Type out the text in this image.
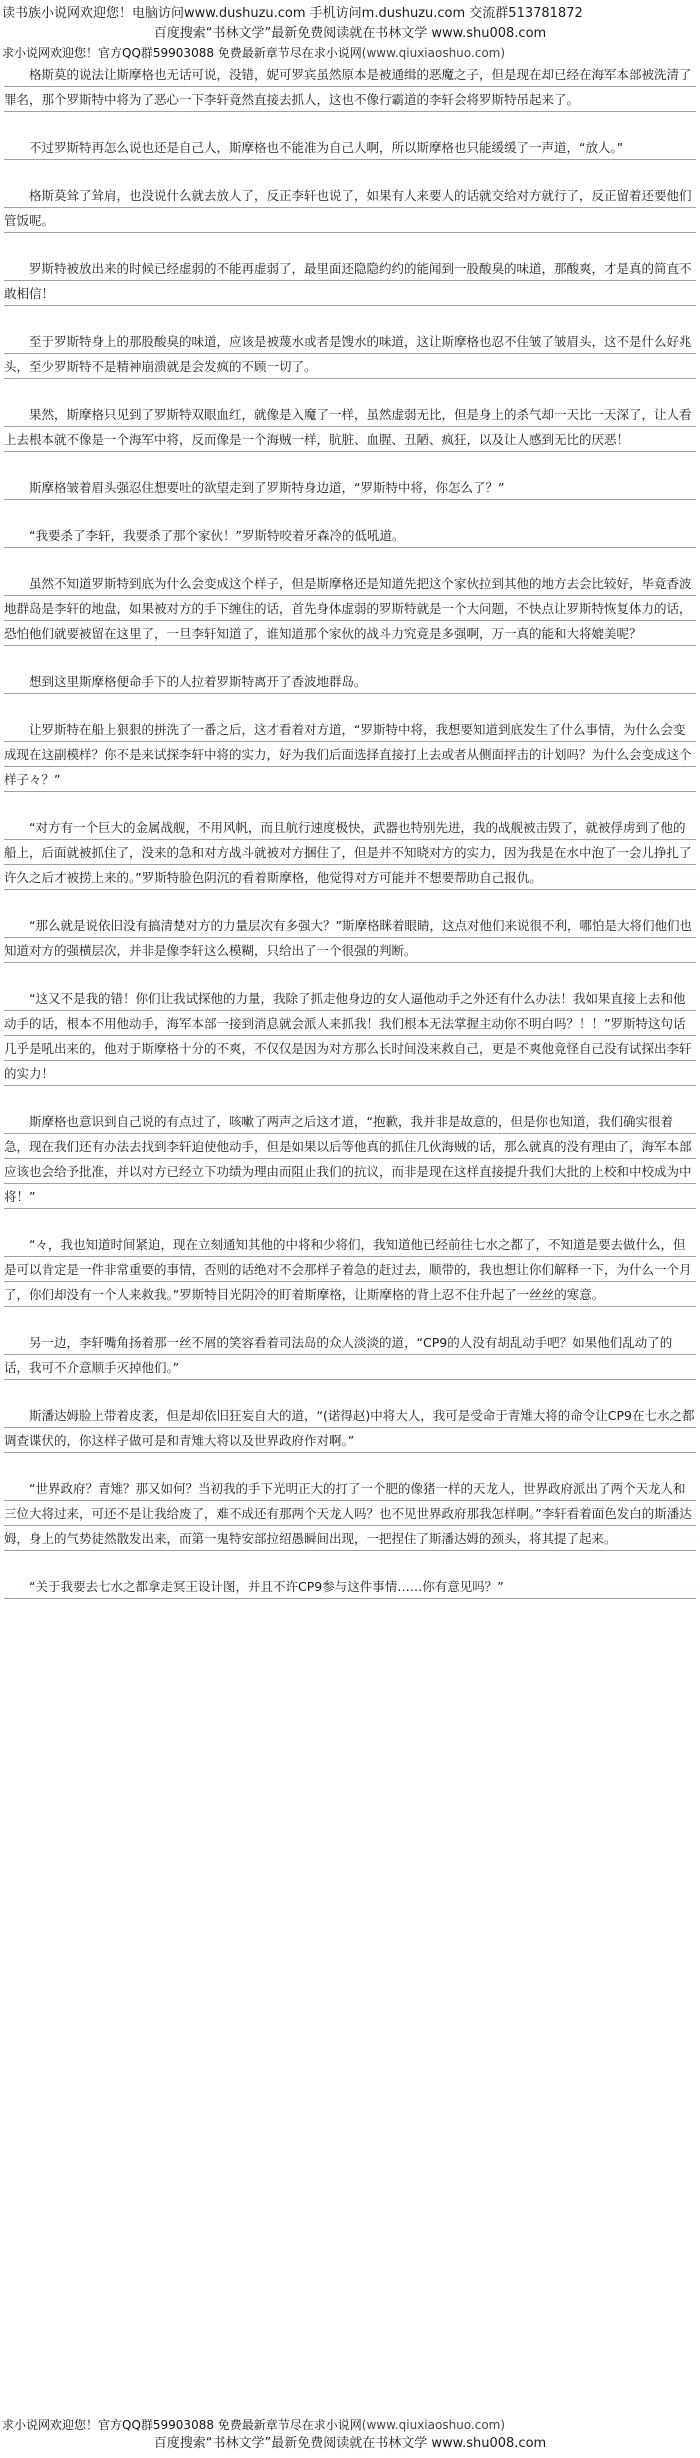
读书族小说网欢迎您！电脑访问www.dushuzu.com 手机访问m.dushuzu.com 交流群513781872
百度搜索“书林文学”最新免费阅读就在书林文学 www.shu008.com
求小说网欢迎您！官方QQ群59903088 免费最新章节尽在求小说网(www.qiuxiaoshuo.com)

格斯莫的说法让斯摩格也无话可说，没错，妮可罗宾虽然原本是被通缉的恶魔之子，但是现在却已经在海军本部被洗清了罪名，那个罗斯特中将为了恶心一下李轩竟然直接去抓人，这也不像行霸道的李轩会将罗斯特吊起来了。

不过罗斯特再怎么说也还是自己人，斯摩格也不能准为自己人啊，所以斯摩格也只能缓缓了一声道，“放人。”

格斯莫耸了耸肩，也没说什么就去放人了，反正李轩也说了，如果有人来要人的话就交给对方就行了，反正留着还要他们管饭呢。

罗斯特被放出来的时候已经虚弱的不能再虚弱了，最里面还隐隐约约的能闻到一股酸臭的味道，那酸爽，才是真的简直不敢相信！

至于罗斯特身上的那股酸臭的味道，应该是被蔑水或者是馊水的味道，这让斯摩格也忍不住皱了皱眉头，这不是什么好兆头，至少罗斯特不是精神崩溃就是会发疯的不顾一切了。

果然，斯摩格只见到了罗斯特双眼血红，就像是入魔了一样，虽然虚弱无比，但是身上的杀气却一天比一天深了，让人看上去根本就不像是一个海军中将，反而像是一个海贼一样，肮脏、血腥、丑陋、疯狂，以及让人感到无比的厌恶！

斯摩格皱着眉头强忍住想要吐的欲望走到了罗斯特身边道，“罗斯特中将，你怎么了？”

“我要杀了李轩，我要杀了那个家伙！”罗斯特咬着牙森冷的低吼道。

虽然不知道罗斯特到底为什么会变成这个样子，但是斯摩格还是知道先把这个家伙拉到其他的地方去会比较好，毕竟香波地群岛是李轩的地盘，如果被对方的手下缠住的话，首先身体虚弱的罗斯特就是一个大问题，不快点让罗斯特恢复体力的话，恐怕他们就要被留在这里了，一旦李轩知道了，谁知道那个家伙的战斗力究竟是多强啊，万一真的能和大将媲美呢？

想到这里斯摩格便命手下的人拉着罗斯特离开了香波地群岛。

让罗斯特在船上狠狠的拼洗了一番之后，这才看着对方道，“罗斯特中将，我想要知道到底发生了什么事情，为什么会变成现在这副模样？你不是来试探李轩中将的实力，好为我们后面选择直接打上去或者从侧面抨击的计划吗？为什么会变成这个样子々？”

“对方有一个巨大的金属战舰，不用风帆，而且航行速度极快，武器也特别先进，我的战舰被击毁了，就被俘虏到了他的船上，后面就被抓住了，没来的急和对方战斗就被对方捆住了，但是并不知晓对方的实力，因为我是在水中泡了一会儿挣扎了许久之后才被捞上来的。”罗斯特脸色阴沉的看着斯摩格，他觉得对方可能并不想要帮助自己报仇。

“那么就是说依旧没有搞清楚对方的力量层次有多强大？”斯摩格眯着眼睛，这点对他们来说很不利，哪怕是大将们他们也知道对方的强横层次，并非是像李轩这么模糊，只给出了一个很强的判断。

“这又不是我的错！你们让我试探他的力量，我除了抓走他身边的女人逼他动手之外还有什么办法！我如果直接上去和他动手的话，根本不用他动手，海军本部一接到消息就会派人来抓我！我们根本无法掌握主动你不明白吗？！！”罗斯特这句话几乎是吼出来的，他对于斯摩格十分的不爽，不仅仅是因为对方那么长时间没来救自己，更是不爽他竟怪自己没有试探出李轩的实力！

斯摩格也意识到自己说的有点过了，咳嗽了两声之后这才道，“抱歉，我并非是故意的，但是你也知道，我们确实很着急，现在我们还有办法去找到李轩迫使他动手，但是如果以后等他真的抓住几伙海贼的话，那么就真的没有理由了，海军本部应该也会给予批准，并以对方已经立下功绩为理由而阻止我们的抗议，而非是现在这样直接提升我们大批的上校和中校成为中将！”

“々，我也知道时间紧迫，现在立刻通知其他的中将和少将们，我知道他已经前往七水之都了，不知道是要去做什么，但是可以肯定是一件非常重要的事情，否则的话绝对不会那样子着急的赶过去，顺带的，我也想让你们解释一下，为什么一个月了，你们却没有一个人来救我。”罗斯特目光阴冷的盯着斯摩格，让斯摩格的背上忍不住升起了一丝丝的寒意。

另一边，李轩嘴角扬着那一丝不屑的笑容看着司法岛的众人淡淡的道，“CP9的人没有胡乱动手吧？如果他们乱动了的话，我可不介意顺手灭掉他们。”

斯潘达姆脸上带着皮袤，但是却依旧狂妄自大的道，“(诺得赵)中将大人，我可是受命于青雉大将的命令让CP9在七水之都调查谍伏的，你这样子做可是和青雉大将以及世界政府作对啊。”

“世界政府？青雉？那又如何？当初我的手下光明正大的打了一个肥的像猪一样的天龙人，世界政府派出了两个天龙人和三位大将过来，可还不是让我给废了，难不成还有那两个天龙人吗？也不见世界政府那我怎样啊。”李轩看着面色发白的斯潘达姆，身上的气势徒然散发出来，而第一鬼特安部拉绍愚瞬间出现，一把捏住了斯潘达姆的颈头，将其提了起来。

“关于我要去七水之都拿走冥王设计图，并且不许CP9参与这件事情……你有意见吗？”

求小说网欢迎您！官方QQ群59903088 免费最新章节尽在求小说网(www.qiuxiaoshuo.com)
百度搜索“书林文学”最新免费阅读就在书林文学 www.shu008.com
